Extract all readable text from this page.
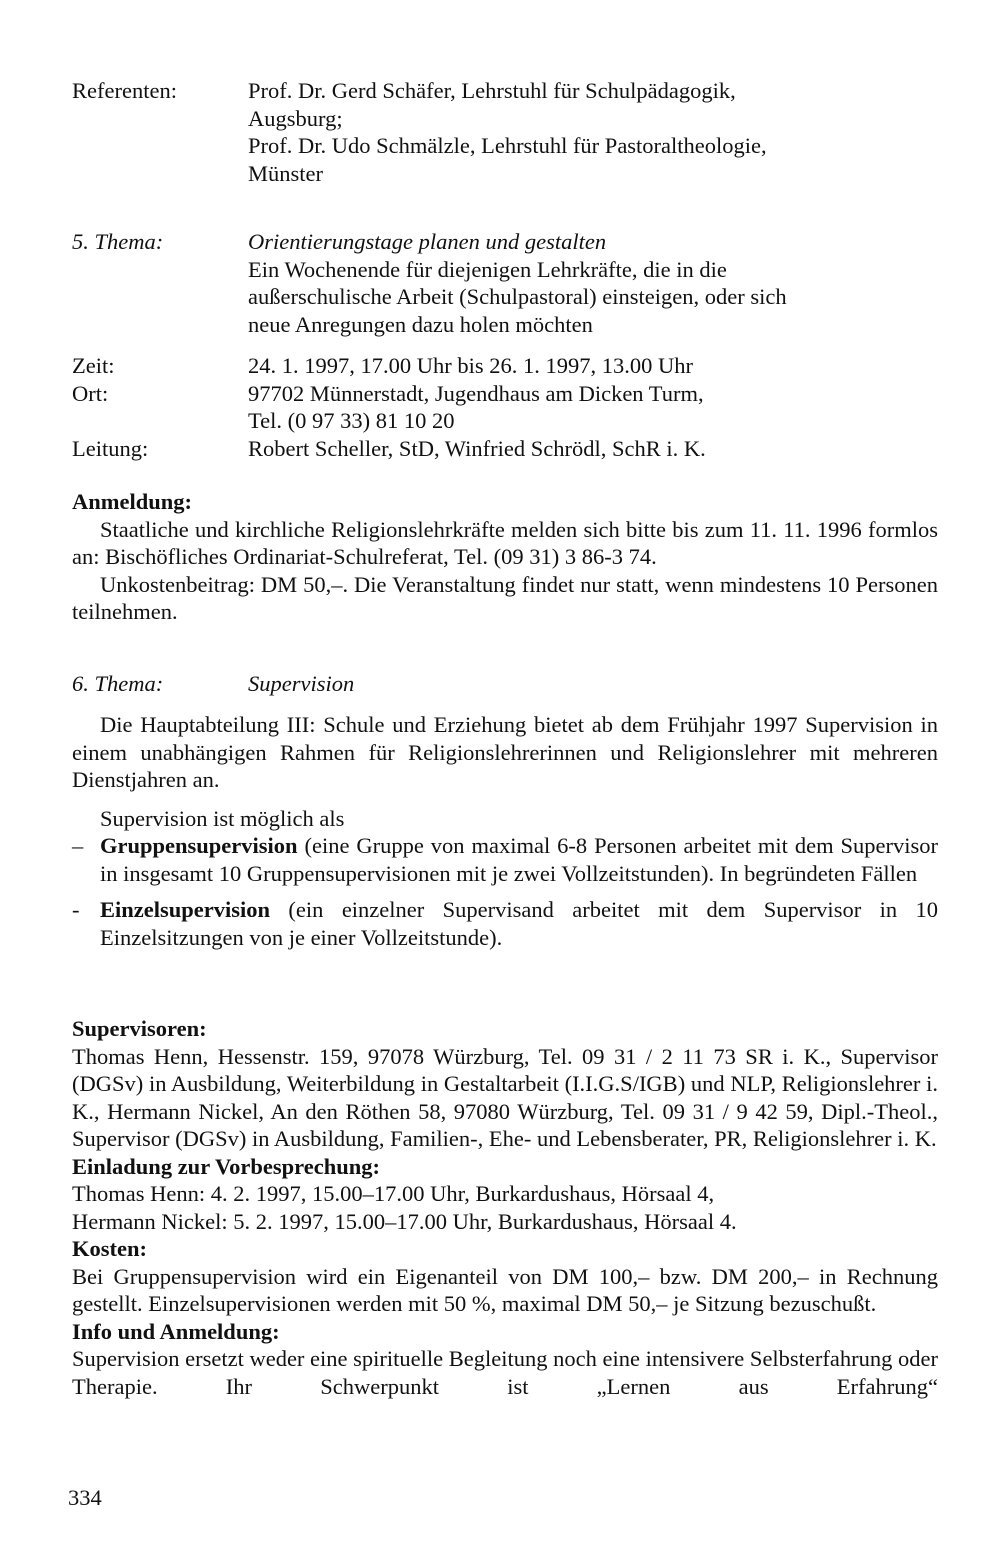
Referenten:	Prof. Dr. Gerd Schäfer, Lehrstuhl für Schulpädagogik,
Augsburg;
Prof. Dr. Udo Schmälzle, Lehrstuhl für Pastoraltheologie,
Münster
5. Thema:	Orientierungstage planen und gestalten
Ein Wochenende für diejenigen Lehrkräfte, die in die
außerschulische Arbeit (Schulpastoral) einsteigen, oder sich
neue Anregungen dazu holen möchten
Zeit:	24. 1. 1997, 17.00 Uhr bis 26. 1. 1997, 13.00 Uhr
Ort:	97702 Münnerstadt, Jugendhaus am Dicken Turm,
Tel. (0 97 33) 81 10 20
Leitung:	Robert Scheller, StD, Winfried Schrödl, SchR i. K.
Anmeldung:
Staatliche und kirchliche Religionslehrkräfte melden sich bitte bis zum 11. 11. 1996 formlos an: Bischöfliches Ordinariat-Schulreferat, Tel. (09 31) 3 86-3 74.
Unkostenbeitrag: DM 50,–. Die Veranstaltung findet nur statt, wenn mindestens 10 Personen teilnehmen.
6. Thema:	Supervision
Die Hauptabteilung III: Schule und Erziehung bietet ab dem Frühjahr 1997 Supervision in einem unabhängigen Rahmen für Religionslehrerinnen und Religionslehrer mit mehreren Dienstjahren an.
Supervision ist möglich als
– Gruppensupervision (eine Gruppe von maximal 6-8 Personen arbeitet mit dem Supervisor in insgesamt 10 Gruppensupervisionen mit je zwei Vollzeitstunden). In begründeten Fällen
- Einzelsupervision (ein einzelner Supervisand arbeitet mit dem Supervisor in 10 Einzelsitzungen von je einer Vollzeitstunde).
Supervisoren:
Thomas Henn, Hessenstr. 159, 97078 Würzburg, Tel. 09 31 / 2 11 73 SR i. K., Supervisor (DGSv) in Ausbildung, Weiterbildung in Gestaltarbeit (I.I.G.S/IGB) und NLP, Religionslehrer i. K., Hermann Nickel, An den Röthen 58, 97080 Würzburg, Tel. 09 31 / 9 42 59, Dipl.-Theol., Supervisor (DGSv) in Ausbildung, Familien-, Ehe- und Lebensberater, PR, Religionslehrer i. K.
Einladung zur Vorbesprechung:
Thomas Henn: 4. 2. 1997, 15.00–17.00 Uhr, Burkardushaus, Hörsaal 4,
Hermann Nickel: 5. 2. 1997, 15.00–17.00 Uhr, Burkardushaus, Hörsaal 4.
Kosten:
Bei Gruppensupervision wird ein Eigenanteil von DM 100,– bzw. DM 200,– in Rechnung gestellt. Einzelsupervisionen werden mit 50 %, maximal DM 50,– je Sitzung bezuschußt.
Info und Anmeldung:
Supervision ersetzt weder eine spirituelle Begleitung noch eine intensivere Selbsterfahrung oder Therapie. Ihr Schwerpunkt ist „Lernen aus Erfahrung“
334
